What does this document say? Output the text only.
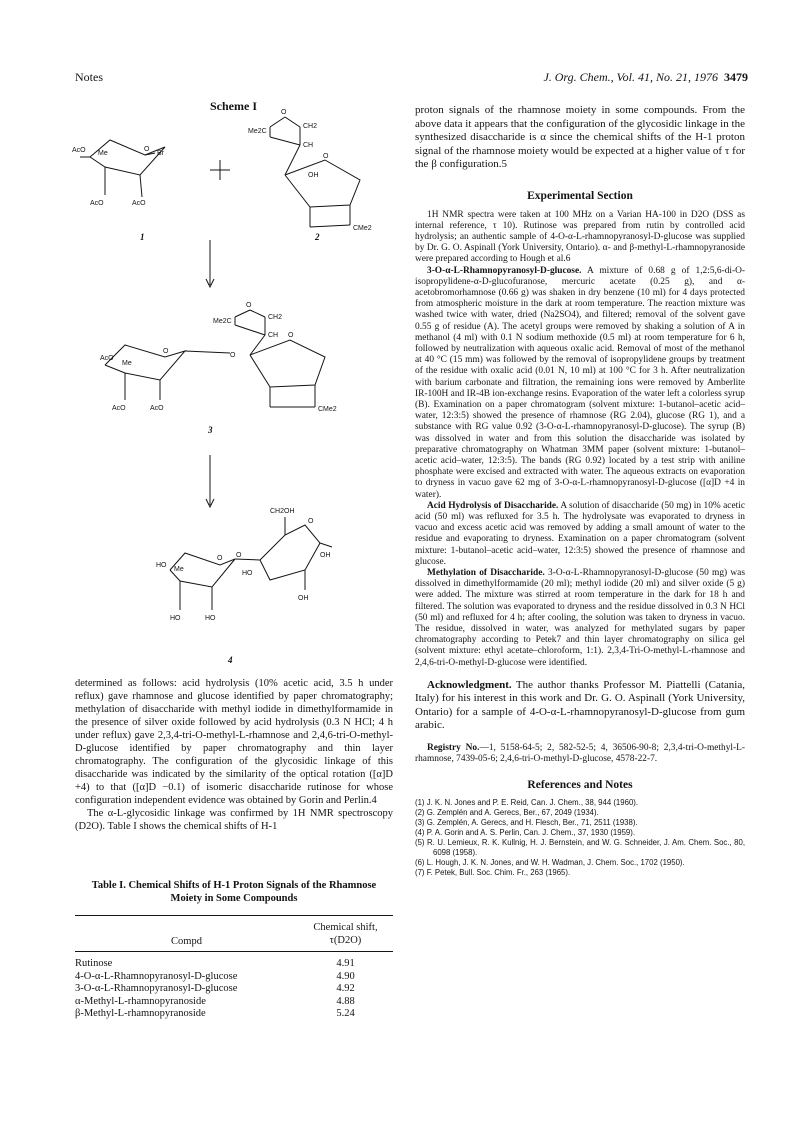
Notes	J. Org. Chem., Vol. 41, No. 21, 1976 3479
Scheme I
AcO Me
O
Br
AcO	AcO
1
O
CH2
Me2C
CH
O
OH
CMe2
2
AcO
Me
O
O
O
CH2
Me2C
CH O
CMe2
AcO	AcO
3
CH2OH
O
OH
HO
Me
O O
HO
OH
HO	HO
4

determined as follows: acid hydrolysis (10% acetic acid, 3.5 h under reflux) gave rhamnose and glucose identified by paper chromatography; methylation of disaccharide with methyl iodide in dimethylformamide in the presence of silver oxide followed by acid hydrolysis (0.3 N HCl; 4 h under reflux) gave 2,3,4-tri-O-methyl-L-rhamnose and 2,4,6-tri-O-methyl-D-glucose identified by paper chromatography and thin layer chromatography. The configuration of the glycosidic linkage of this disaccharide was indicated by the similarity of the optical rotation ([α]D +4) to that ([α]D −0.1) of isomeric disaccharide rutinose for whose configuration independent evidence was obtained by Gorin and Perlin.4

The α-L-glycosidic linkage was confirmed by 1H NMR spectroscopy (D2O). Table I shows the chemical shifts of H-1

Table I. Chemical Shifts of H-1 Proton Signals of the Rhamnose Moiety in Some Compounds
Compd	Chemical shift, τ(D2O)
Rutinose	4.91
4-O-α-L-Rhamnopyranosyl-D-glucose	4.90
3-O-α-L-Rhamnopyranosyl-D-glucose	4.92
α-Methyl-L-rhamnopyranoside	4.88
β-Methyl-L-rhamnopyranoside	5.24

proton signals of the rhamnose moiety in some compounds. From the above data it appears that the configuration of the glycosidic linkage in the synthesized disaccharide is α since the chemical shifts of the H-1 proton signal of the rhamnose moiety would be expected at a higher value of τ for the β configuration.5

Experimental Section

1H NMR spectra were taken at 100 MHz on a Varian HA-100 in D2O (DSS as internal reference, τ 10). Rutinose was prepared from rutin by controlled acid hydrolysis; an authentic sample of 4-O-α-L-rhamnopyranosyl-D-glucose was supplied by Dr. G. O. Aspinall (York University, Ontario). α- and β-methyl-L-rhamnopyranoside were prepared according to Hough et al.6

3-O-α-L-Rhamnopyranosyl-D-glucose. A mixture of 0.68 g of 1,2:5,6-di-O-isopropylidene-α-D-glucofuranose, mercuric acetate (0.25 g), and α-acetobromorhamnose (0.66 g) was shaken in dry benzene (10 ml) for 4 days protected from atmospheric moisture in the dark at room temperature. The reaction mixture was washed twice with water, dried (Na2SO4), and filtered; removal of the solvent gave 0.55 g of residue (A). The acetyl groups were removed by shaking a solution of A in methanol (4 ml) with 0.1 N sodium methoxide (0.5 ml) at room temperature for 6 h, followed by neutralization with aqueous oxalic acid. Removal of most of the methanol at 40 °C (15 mm) was followed by the removal of isopropylidene groups by treatment of the residue with oxalic acid (0.01 N, 10 ml) at 100 °C for 3 h. After neutralization with barium carbonate and filtration, the remaining ions were removed by Amberlite IR-100H and IR-4B ion-exchange resins. Evaporation of the water left a colorless syrup (B). Examination on a paper chromatogram (solvent mixture: 1-butanol–acetic acid–water, 12:3:5) showed the presence of rhamnose (RG 2.04), glucose (RG 1), and a substance with RG value 0.92 (3-O-α-L-rhamnopyranosyl-D-glucose). The syrup (B) was dissolved in water and from this solution the disaccharide was isolated by preparative chromatography on Whatman 3MM paper (solvent mixture: 1-butanol–acetic acid–water, 12:3:5). The bands (RG 0.92) located by a test strip with aniline phosphate were excised and extracted with water. The aqueous extracts on evaporation to dryness in vacuo gave 62 mg of 3-O-α-L-rhamnopyranosyl-D-glucose ([α]D +4 in water).

Acid Hydrolysis of Disaccharide. A solution of disaccharide (50 mg) in 10% acetic acid (50 ml) was refluxed for 3.5 h. The hydrolysate was evaporated to dryness in vacuo and excess acetic acid was removed by adding a small amount of water to the residue and evaporating to dryness. Examination on a paper chromatogram (solvent mixture: 1-butanol–acetic acid–water, 12:3:5) showed the presence of rhamnose and glucose.

Methylation of Disaccharide. 3-O-α-L-Rhamnopyranosyl-D-glucose (50 mg) was dissolved in dimethylformamide (20 ml); methyl iodide (20 ml) and silver oxide (5 g) were added. The mixture was stirred at room temperature in the dark for 18 h and filtered. The solution was evaporated to dryness and the residue dissolved in 0.3 N HCl (50 ml) and refluxed for 4 h; after cooling, the solution was taken to dryness in vacuo. The residue, dissolved in water, was analyzed for methylated sugars by paper chromatography according to Petek7 and thin layer chromatography on silica gel (solvent mixture: ethyl acetate–chloroform, 1:1). 2,3,4-Tri-O-methyl-L-rhamnose and 2,4,6-tri-O-methyl-D-glucose were identified.

Acknowledgment. The author thanks Professor M. Piattelli (Catania, Italy) for his interest in this work and Dr. G. O. Aspinall (York University, Ontario) for a sample of 4-O-α-L-rhamnopyranosyl-D-glucose from gum arabic.

Registry No.—1, 5158-64-5; 2, 582-52-5; 4, 36506-90-8; 2,3,4-tri-O-methyl-L-rhamnose, 7439-05-6; 2,4,6-tri-O-methyl-D-glucose, 4578-22-7.

References and Notes
(1) J. K. N. Jones and P. E. Reid, Can. J. Chem., 38, 944 (1960).
(2) G. Zemplén and A. Gerecs, Ber., 67, 2049 (1934).
(3) G. Zemplén, A. Gerecs, and H. Flesch, Ber., 71, 2511 (1938).
(4) P. A. Gorin and A. S. Perlin, Can. J. Chem., 37, 1930 (1959).
(5) R. U. Lemieux, R. K. Kullnig, H. J. Bernstein, and W. G. Schneider, J. Am. Chem. Soc., 80, 6098 (1958).
(6) L. Hough, J. K. N. Jones, and W. H. Wadman, J. Chem. Soc., 1702 (1950).
(7) F. Petek, Bull. Soc. Chim. Fr., 263 (1965).
